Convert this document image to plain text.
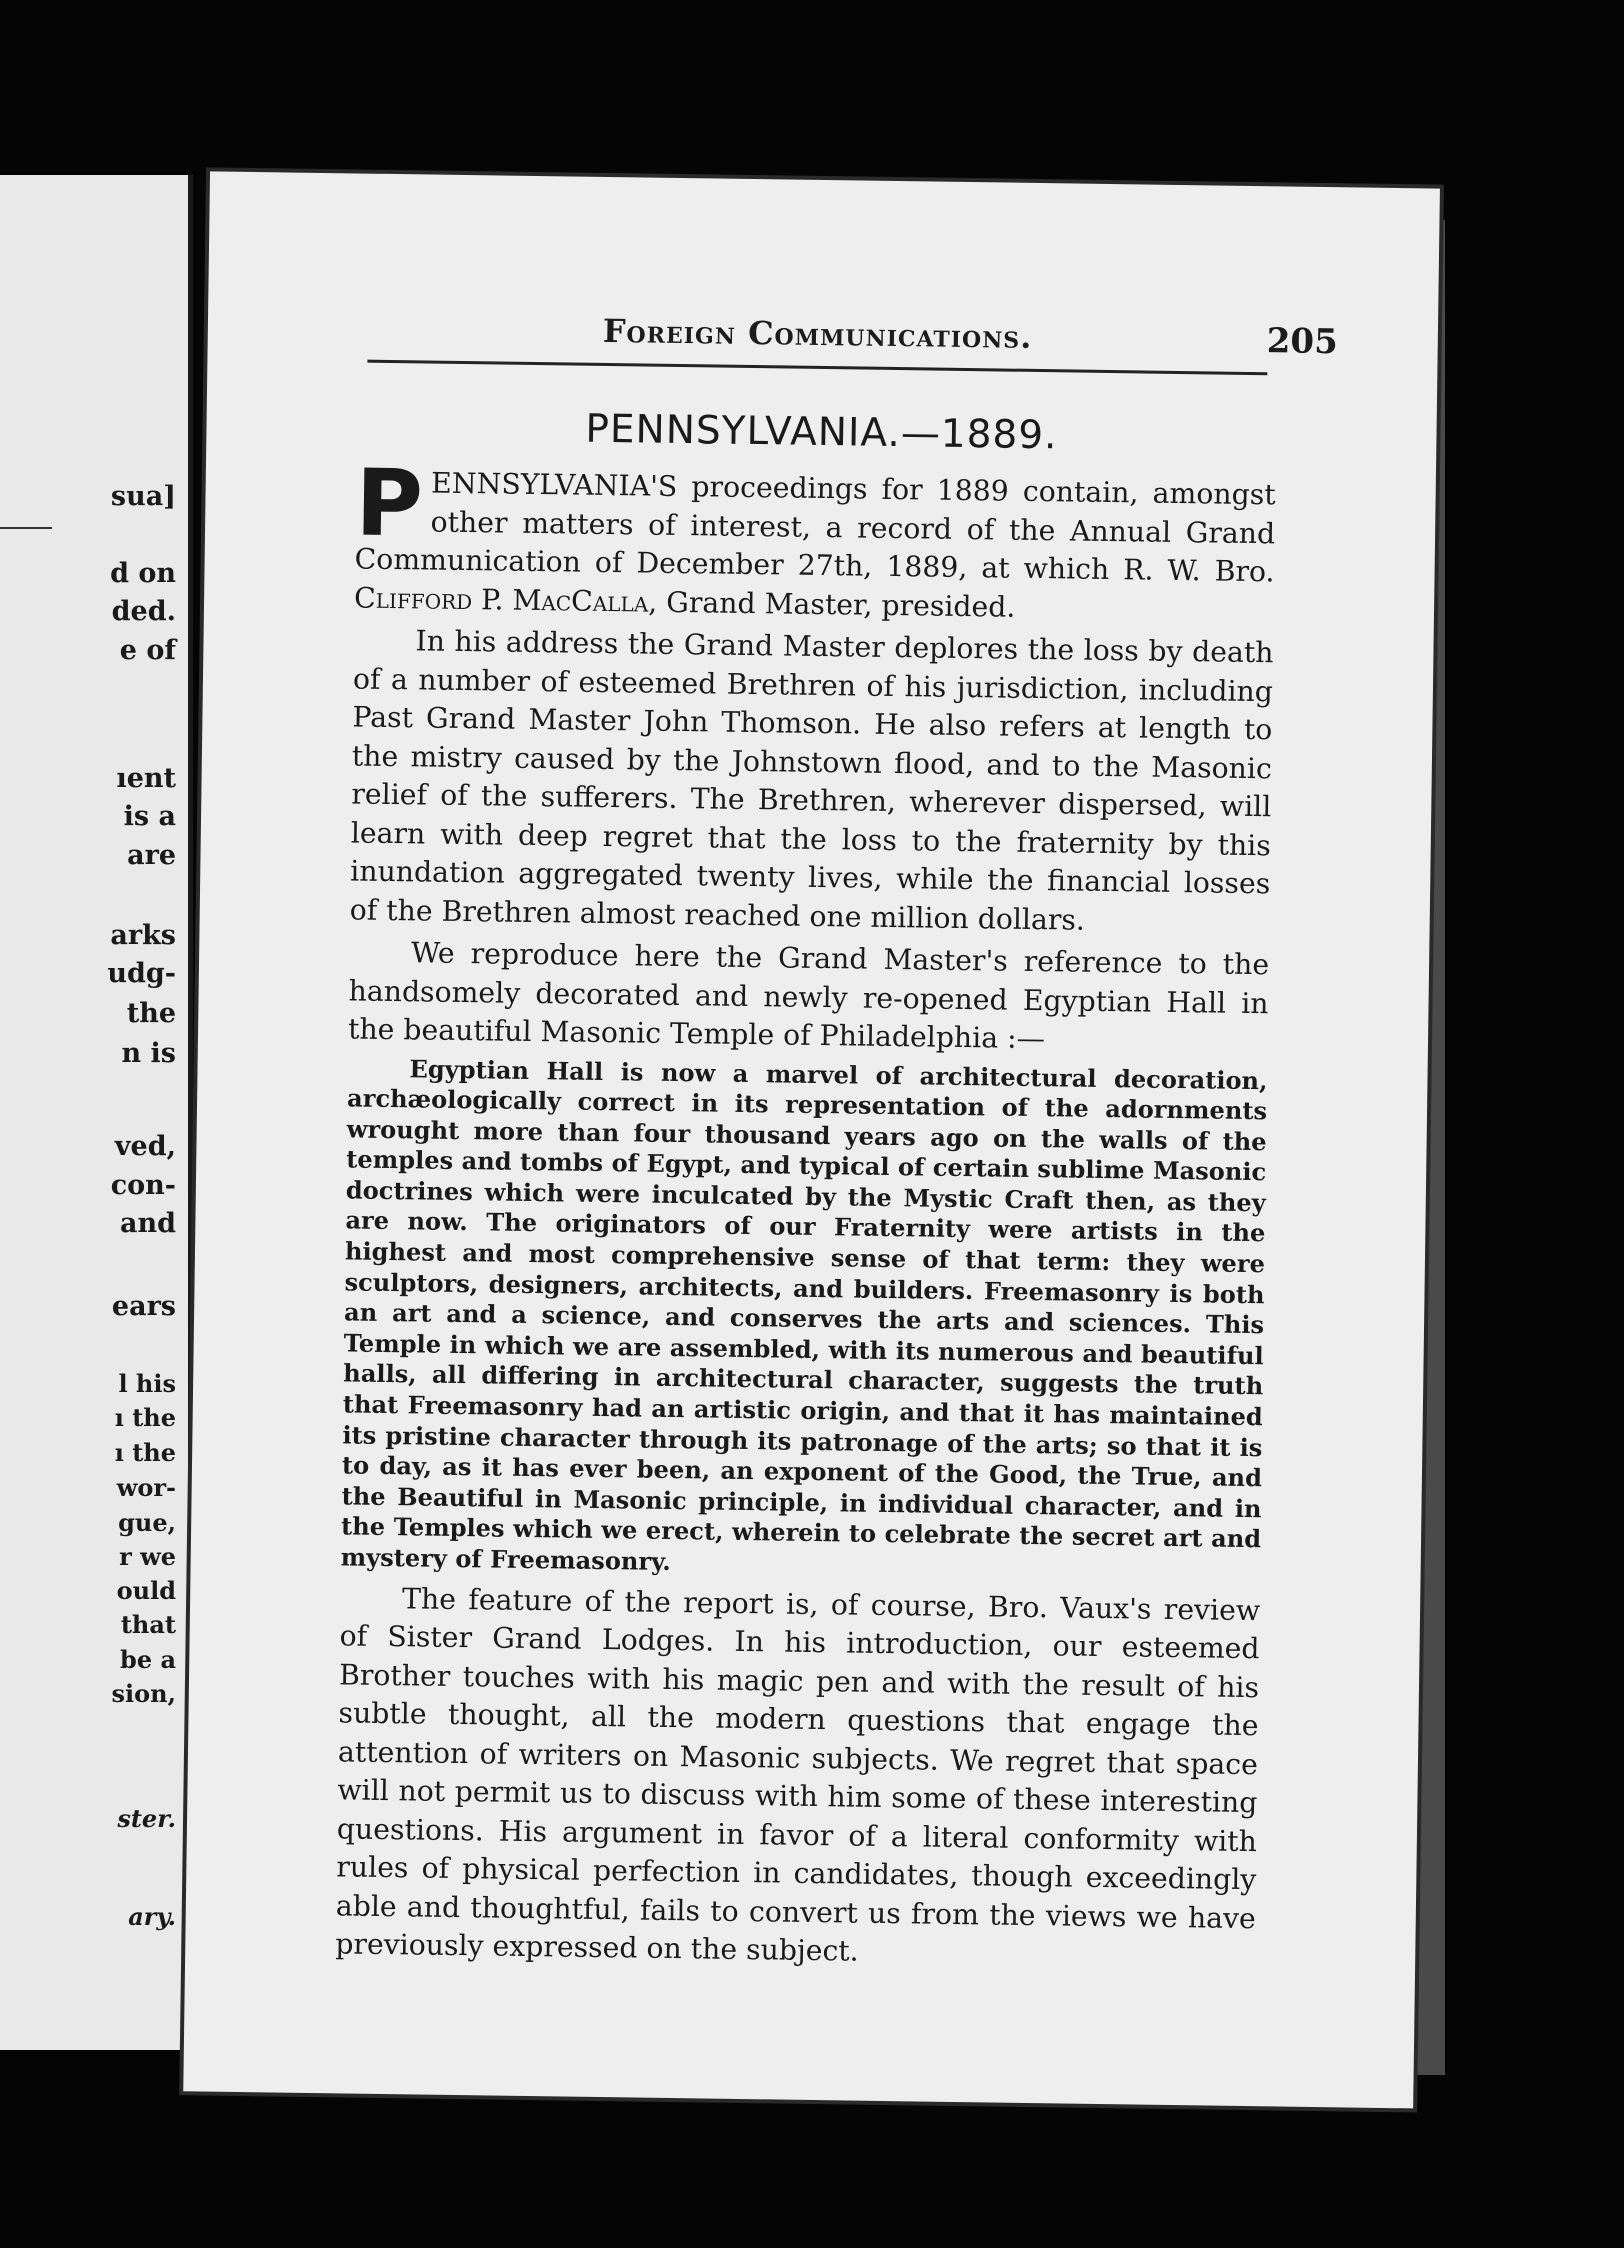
sua]
d on
ded.
e of
ıent
is a
are
arks
udg-
the
n is
ved,
con-
and
ears
l his
ı the
ı the
wor-
gue,
r we
ould
that
be a
sion,
ster.
ary.
Foreign Communications.	205
PENNSYLVANIA.—1889.

PENNSYLVANIA'S proceedings for 1889 contain, amongst other matters of interest, a record of the Annual Grand Communication of December 27th, 1889, at which R. W. Bro. Clifford P. MacCalla, Grand Master, presided.

In his address the Grand Master deplores the loss by death of a number of esteemed Brethren of his jurisdiction, including Past Grand Master John Thomson. He also refers at length to the mistry caused by the Johnstown flood, and to the Masonic relief of the sufferers. The Brethren, wherever dispersed, will learn with deep regret that the loss to the fraternity by this inundation aggregated twenty lives, while the financial losses of the Brethren almost reached one million dollars.

We reproduce here the Grand Master's reference to the handsomely decorated and newly re-opened Egyptian Hall in the beautiful Masonic Temple of Philadelphia :—

Egyptian Hall is now a marvel of architectural decoration, archæologically correct in its representation of the adornments wrought more than four thousand years ago on the walls of the temples and tombs of Egypt, and typical of certain sublime Masonic doctrines which were inculcated by the Mystic Craft then, as they are now. The originators of our Fraternity were artists in the highest and most comprehensive sense of that term: they were sculptors, designers, architects, and builders. Freemasonry is both an art and a science, and conserves the arts and sciences. This Temple in which we are assembled, with its numerous and beautiful halls, all differing in architectural character, suggests the truth that Freemasonry had an artistic origin, and that it has maintained its pristine character through its patronage of the arts; so that it is to day, as it has ever been, an exponent of the Good, the True, and the Beautiful in Masonic principle, in individual character, and in the Temples which we erect, wherein to celebrate the secret art and mystery of Freemasonry.

The feature of the report is, of course, Bro. Vaux's review of Sister Grand Lodges. In his introduction, our esteemed Brother touches with his magic pen and with the result of his subtle thought, all the modern questions that engage the attention of writers on Masonic subjects. We regret that space will not permit us to discuss with him some of these interesting questions. His argument in favor of a literal conformity with rules of physical perfection in candidates, though exceedingly able and thoughtful, fails to convert us from the views we have previously expressed on the subject.
